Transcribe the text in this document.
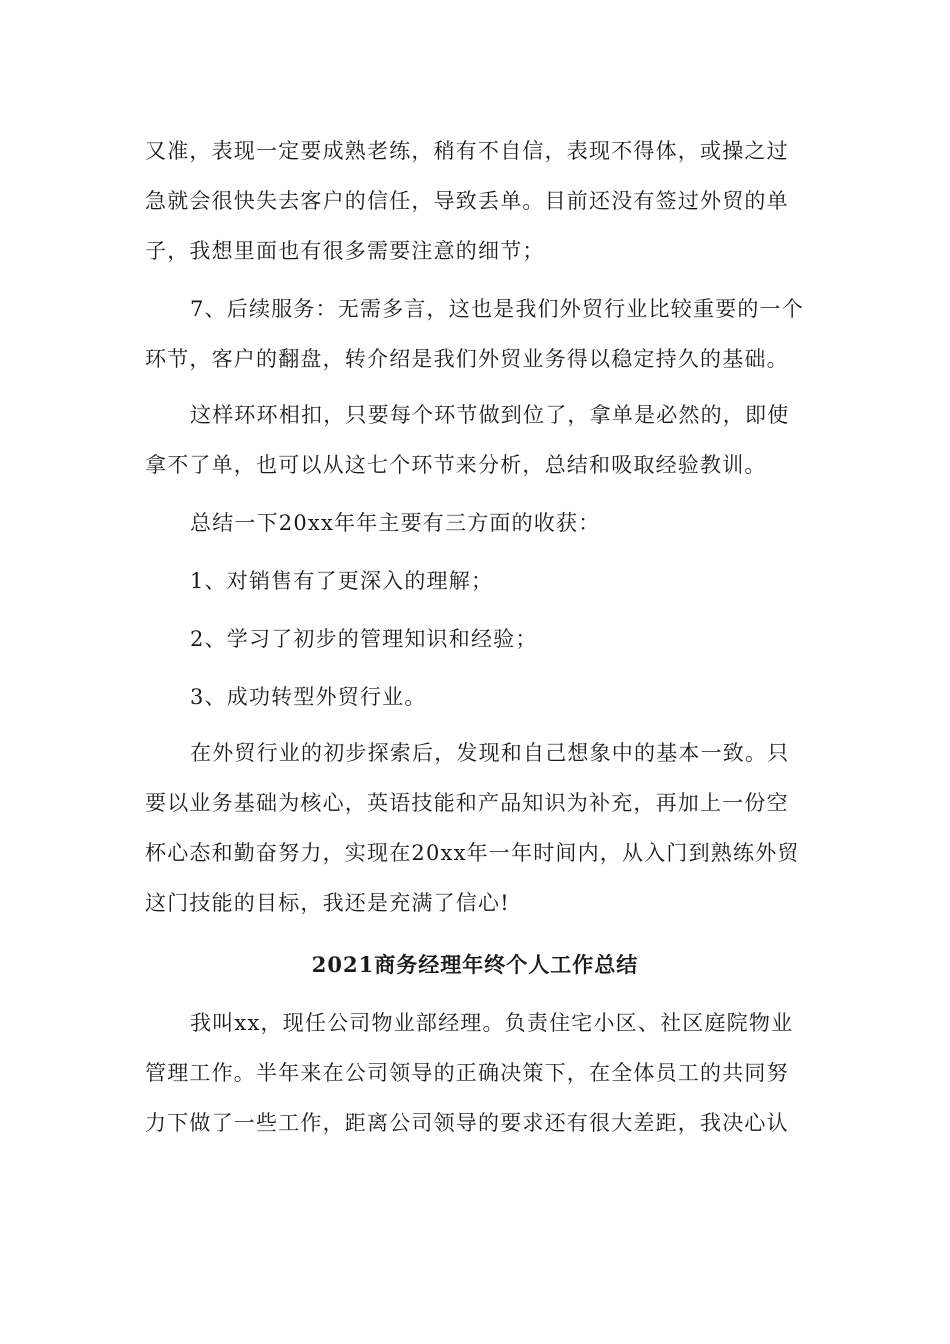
又准，表现一定要成熟老练，稍有不自信，表现不得体，或操之过
急就会很快失去客户的信任，导致丢单。目前还没有签过外贸的单
子，我想里面也有很多需要注意的细节；
7、后续服务：无需多言，这也是我们外贸行业比较重要的一个
环节，客户的翻盘，转介绍是我们外贸业务得以稳定持久的基础。
这样环环相扣，只要每个环节做到位了，拿单是必然的，即使
拿不了单，也可以从这七个环节来分析，总结和吸取经验教训。
总结一下20xx年年主要有三方面的收获：
1、对销售有了更深入的理解；
2、学习了初步的管理知识和经验；
3、成功转型外贸行业。
在外贸行业的初步探索后，发现和自己想象中的基本一致。只
要以业务基础为核心，英语技能和产品知识为补充，再加上一份空
杯心态和勤奋努力，实现在20xx年一年时间内，从入门到熟练外贸
这门技能的目标，我还是充满了信心!
2021商务经理年终个人工作总结
我叫xx，现任公司物业部经理。负责住宅小区、社区庭院物业
管理工作。半年来在公司领导的正确决策下，在全体员工的共同努
力下做了一些工作，距离公司领导的要求还有很大差距，我决心认
